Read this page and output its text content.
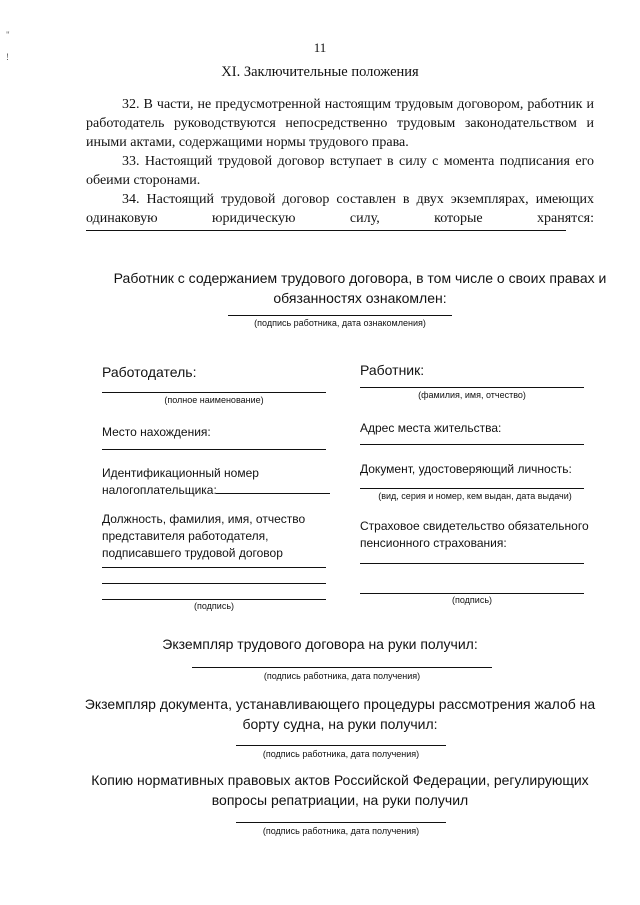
"
!
11
XI. Заключительные положения

32. В части, не предусмотренной настоящим трудовым договором, работник и работодатель руководствуются непосредственно трудовым законодательством и иными актами, содержащими нормы трудового права.

33. Настоящий трудовой договор вступает в силу с момента подписания его обеими сторонами.

34. Настоящий трудовой договор составлен в двух экземплярах, имеющих одинаковую юридическую силу, которые хранятся:

Работник с содержанием трудового договора, в том числе о своих правах и обязанностях ознакомлен:

(подпись работника, дата ознакомления)
Работодатель:
(полное наименование)

Место нахождения:

Идентификационный номер

налогоплательщика:

Должность, фамилия, имя, отчество представителя работодателя, подписавшего трудовой договор

(подпись)
Работник:
(фамилия, имя, отчество)

Адрес места жительства:

Документ, удостоверяющий личность:

(вид, серия и номер, кем выдан, дата выдачи)

Страховое свидетельство обязательного пенсионного страхования:

(подпись)

Экземпляр трудового договора на руки получил:

(подпись работника, дата получения)

Экземпляр документа, устанавливающего процедуры рассмотрения жалоб на борту судна, на руки получил:

(подпись работника, дата получения)

Копию нормативных правовых актов Российской Федерации, регулирующих вопросы репатриации, на руки получил

(подпись работника, дата получения)
